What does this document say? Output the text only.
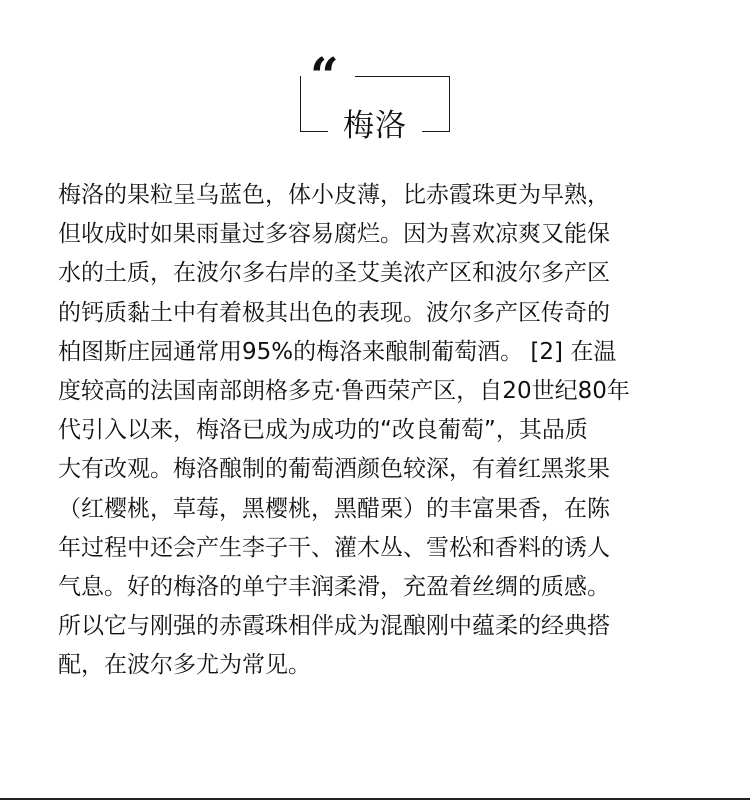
“
梅洛

梅洛的果粒呈乌蓝色，体小皮薄，比赤霞珠更为早熟，
但收成时如果雨量过多容易腐烂。因为喜欢凉爽又能保
水的土质，在波尔多右岸的圣艾美浓产区和波尔多产区
的钙质黏土中有着极其出色的表现。波尔多产区传奇的
柏图斯庄园通常用95%的梅洛来酿制葡萄酒。 [2] 在温
度较高的法国南部朗格多克·鲁西荣产区，自20世纪80年
代引入以来，梅洛已成为成功的“改良葡萄”，其品质
大有改观。梅洛酿制的葡萄酒颜色较深，有着红黑浆果
（红樱桃，草莓，黑樱桃，黑醋栗）的丰富果香，在陈
年过程中还会产生李子干、灌木丛、雪松和香料的诱人
气息。好的梅洛的单宁丰润柔滑，充盈着丝绸的质感。
所以它与刚强的赤霞珠相伴成为混酿刚中蕴柔的经典搭
配，在波尔多尤为常见。
